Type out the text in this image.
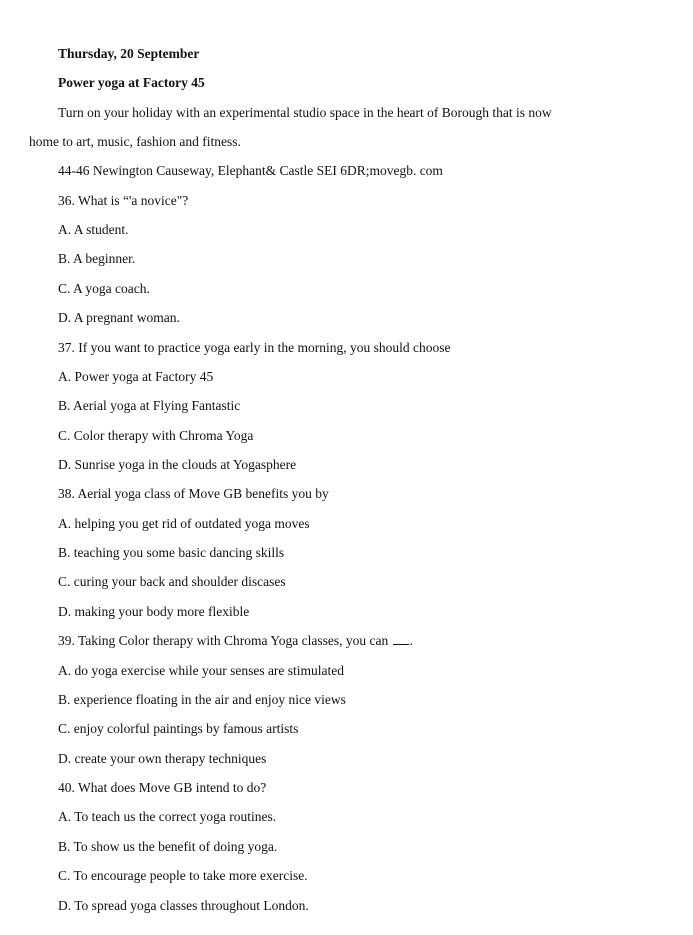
Thursday, 20 September
Power yoga at Factory 45
Turn on your holiday with an experimental studio space in the heart of Borough that is now
home to art, music, fashion and fitness.
44-46 Newington Causeway, Elephant& Castle SEI 6DR;movegb. com
36. What is “'a novice"?
A. A student.
B. A beginner.
C. A yoga coach.
D. A pregnant woman.
37. If you want to practice yoga early in the morning, you should choose
A. Power yoga at Factory 45
B. Aerial yoga at Flying Fantastic
C. Color therapy with Chroma Yoga
D. Sunrise yoga in the clouds at Yogasphere
38. Aerial yoga class of Move GB benefits you by
A. helping you get rid of outdated yoga moves
B. teaching you some basic dancing skills
C. curing your back and shoulder discases
D. making your body more flexible
39. Taking Color therapy with Chroma Yoga classes, you can .
A. do yoga exercise while your senses are stimulated
B. experience floating in the air and enjoy nice views
C. enjoy colorful paintings by famous artists
D. create your own therapy techniques
40. What does Move GB intend to do?
A. To teach us the correct yoga routines.
B. To show us the benefit of doing yoga.
C. To encourage people to take more exercise.
D. To spread yoga classes throughout London.
